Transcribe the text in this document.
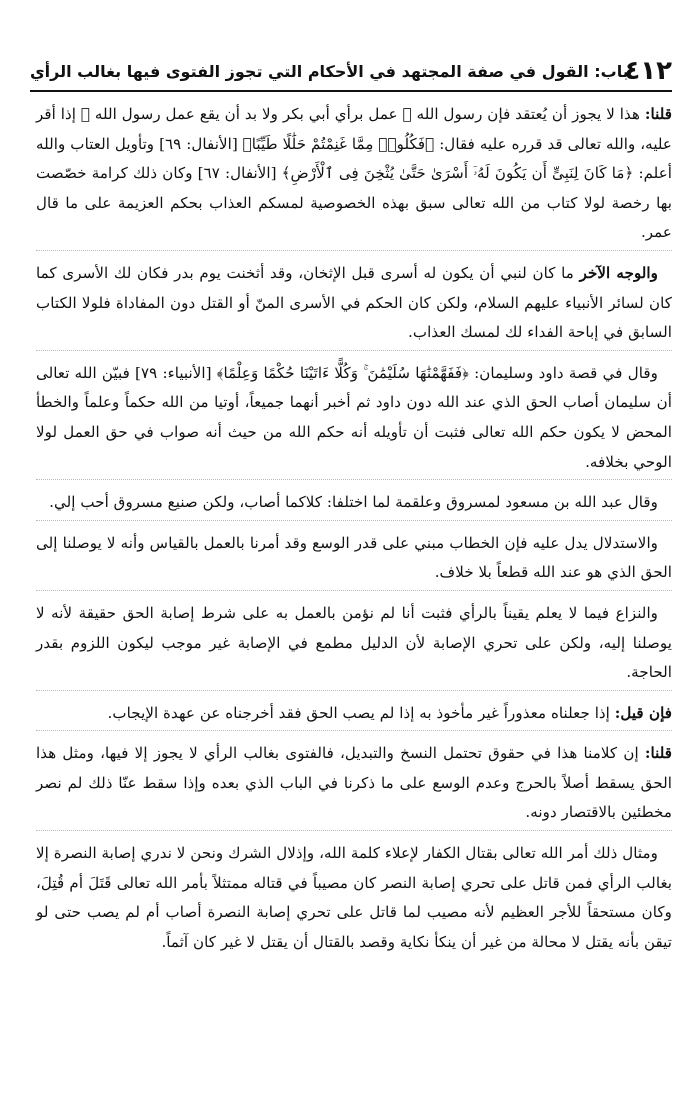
٤١٢
باب: القول في صفة المجتهد في الأحكام التي تجوز الفتوى فيها بغالب الرأي

قلنا: هذا لا يجوز أن يُعتقد فإن رسول الله ﷺ عمل برأي أبي بكر ولا بد أن يقع عمل رسول الله ﷺ إذا أقر عليه، والله تعالى قد قرره عليه فقال: ﴿فَكُلُوا۟ مِمَّا غَنِمْتُمْ حَلَٰلًا طَيِّبًا﴾ [الأنفال: ٦٩] وتأويل العتاب والله أعلم: ﴿مَا كَانَ لِنَبِىٍّ أَن يَكُونَ لَهُۥٓ أَسْرَىٰ حَتَّىٰ يُثْخِنَ فِى ٱلْأَرْضِ﴾ [الأنفال: ٦٧] وكان ذلك كرامة خصّصت بها رخصة لولا كتاب من الله تعالى سبق بهذه الخصوصية لمسكم العذاب بحكم العزيمة على ما قال عمر.

والوجه الآخر ما كان لنبي أن يكون له أسرى قبل الإثخان، وقد أثخنت يوم بدر فكان لك الأسرى كما كان لسائر الأنبياء عليهم السلام، ولكن كان الحكم في الأسرى المنّ أو القتل دون المفاداة فلولا الكتاب السابق في إباحة الفداء لك لمسك العذاب.

وقال في قصة داود وسليمان: ﴿فَفَهَّمْنَٰهَا سُلَيْمَٰنَ ۚ وَكُلًّا ءَاتَيْنَا حُكْمًا وَعِلْمًا﴾ [الأنبياء: ٧٩] فبيّن الله تعالى أن سليمان أصاب الحق الذي عند الله دون داود ثم أخبر أنهما جميعاً، أوتيا من الله حكماً وعلماً والخطأ المحض لا يكون حكم الله تعالى فثبت أن تأويله أنه حكم الله من حيث أنه صواب في حق العمل لولا الوحي بخلافه.

وقال عبد الله بن مسعود لمسروق وعلقمة لما اختلفا: كلاكما أصاب، ولكن صنيع مسروق أحب إلي.

والاستدلال يدل عليه فإن الخطاب مبني على قدر الوسع وقد أمرنا بالعمل بالقياس وأنه لا يوصلنا إلى الحق الذي هو عند الله قطعاً بلا خلاف.

والنزاع فيما لا يعلم يقيناً بالرأي فثبت أنا لم نؤمن بالعمل به على شرط إصابة الحق حقيقة لأنه لا يوصلنا إليه، ولكن على تحري الإصابة لأن الدليل مطمع في الإصابة غير موجب ليكون اللزوم بقدر الحاجة.

فإن قيل: إذا جعلناه معذوراً غير مأخوذ به إذا لم يصب الحق فقد أخرجناه عن عهدة الإيجاب.

قلنا: إن كلامنا هذا في حقوق تحتمل النسخ والتبديل، فالفتوى بغالب الرأي لا يجوز إلا فيها، ومثل هذا الحق يسقط أصلاً بالحرج وعدم الوسع على ما ذكرنا في الباب الذي بعده وإذا سقط عنّا ذلك لم نصر مخطئين بالاقتصار دونه.

ومثال ذلك أمر الله تعالى بقتال الكفار لإعلاء كلمة الله، وإذلال الشرك ونحن لا ندري إصابة النصرة إلا بغالب الرأي فمن قاتل على تحري إصابة النصر كان مصيباً في قتاله ممتثلاً بأمر الله تعالى قَتَلَ أم قُتِلَ، وكان مستحقاً للأجر العظيم لأنه مصيب لما قاتل على تحري إصابة النصرة أصاب أم لم يصب حتى لو تيقن بأنه يقتل لا محالة من غير أن ينكأ نكاية وقصد بالقتال أن يقتل لا غير كان آثماً.
